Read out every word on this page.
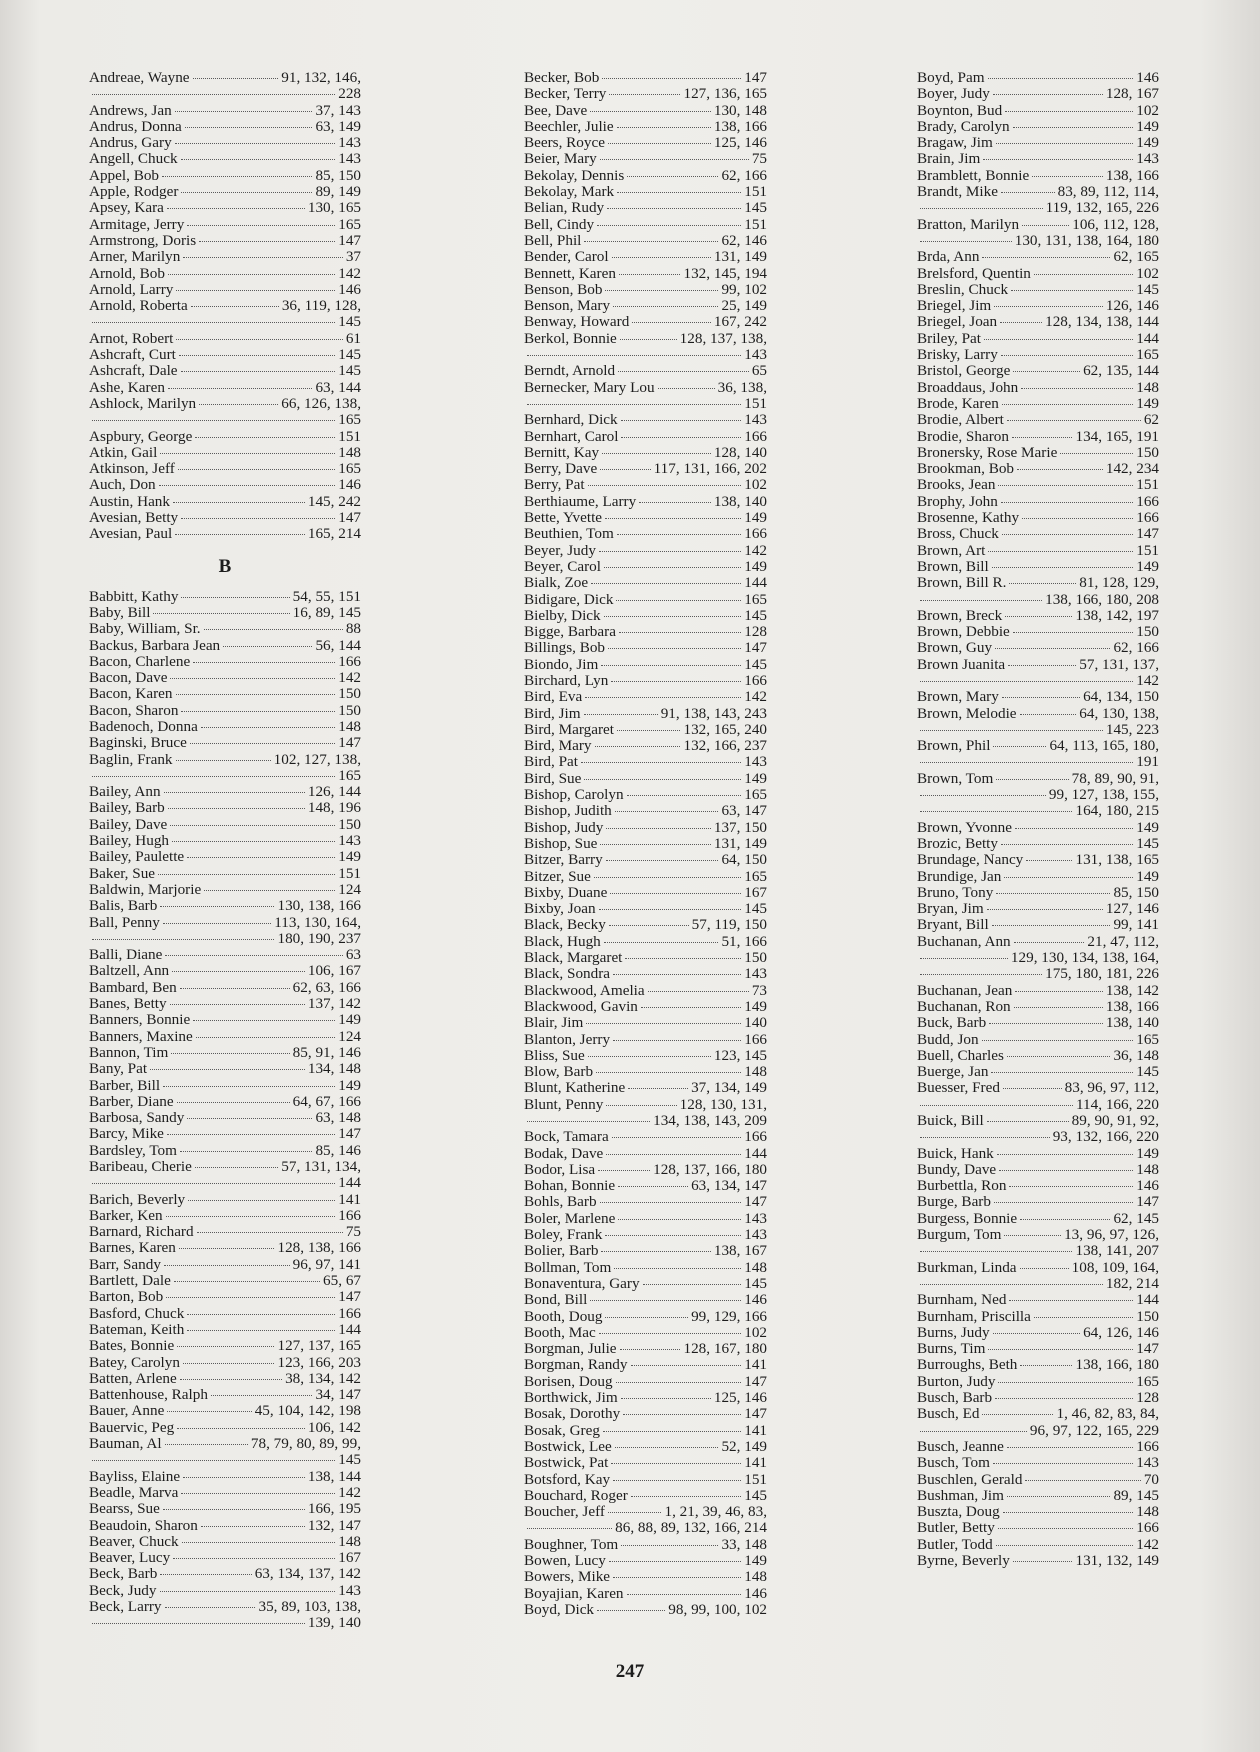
Andreae, Wayne	91, 132, 146,
228
Andrews, Jan	37, 143
Andrus, Donna	63, 149
Andrus, Gary	143
Angell, Chuck	143
Appel, Bob	85, 150
Apple, Rodger	89, 149
Apsey, Kara	130, 165
Armitage, Jerry	165
Armstrong, Doris	147
Arner, Marilyn	37
Arnold, Bob	142
Arnold, Larry	146
Arnold, Roberta	36, 119, 128,
145
Arnot, Robert	61
Ashcraft, Curt	145
Ashcraft, Dale	145
Ashe, Karen	63, 144
Ashlock, Marilyn	66, 126, 138,
165
Aspbury, George	151
Atkin, Gail	148
Atkinson, Jeff	165
Auch, Don	146
Austin, Hank	145, 242
Avesian, Betty	147
Avesian, Paul	165, 214
B
Babbitt, Kathy	54, 55, 151
Baby, Bill	16, 89, 145
Baby, William, Sr.	88
Backus, Barbara Jean	56, 144
Bacon, Charlene	166
Bacon, Dave	142
Bacon, Karen	150
Bacon, Sharon	150
Badenoch, Donna	148
Baginski, Bruce	147
Baglin, Frank	102, 127, 138,
165
Bailey, Ann	126, 144
Bailey, Barb	148, 196
Bailey, Dave	150
Bailey, Hugh	143
Bailey, Paulette	149
Baker, Sue	151
Baldwin, Marjorie	124
Balis, Barb	130, 138, 166
Ball, Penny	113, 130, 164,
180, 190, 237
Balli, Diane	63
Baltzell, Ann	106, 167
Bambard, Ben	62, 63, 166
Banes, Betty	137, 142
Banners, Bonnie	149
Banners, Maxine	124
Bannon, Tim	85, 91, 146
Bany, Pat	134, 148
Barber, Bill	149
Barber, Diane	64, 67, 166
Barbosa, Sandy	63, 148
Barcy, Mike	147
Bardsley, Tom	85, 146
Baribeau, Cherie	57, 131, 134,
144
Barich, Beverly	141
Barker, Ken	166
Barnard, Richard	75
Barnes, Karen	128, 138, 166
Barr, Sandy	96, 97, 141
Bartlett, Dale	65, 67
Barton, Bob	147
Basford, Chuck	166
Bateman, Keith	144
Bates, Bonnie	127, 137, 165
Batey, Carolyn	123, 166, 203
Batten, Arlene	38, 134, 142
Battenhouse, Ralph	34, 147
Bauer, Anne	45, 104, 142, 198
Bauervic, Peg	106, 142
Bauman, Al	78, 79, 80, 89, 99,
145
Bayliss, Elaine	138, 144
Beadle, Marva	142
Bearss, Sue	166, 195
Beaudoin, Sharon	132, 147
Beaver, Chuck	148
Beaver, Lucy	167
Beck, Barb	63, 134, 137, 142
Beck, Judy	143
Beck, Larry	35, 89, 103, 138,
139, 140
Becker, Bob	147
Becker, Terry	127, 136, 165
Bee, Dave	130, 148
Beechler, Julie	138, 166
Beers, Royce	125, 146
Beier, Mary	75
Bekolay, Dennis	62, 166
Bekolay, Mark	151
Belian, Rudy	145
Bell, Cindy	151
Bell, Phil	62, 146
Bender, Carol	131, 149
Bennett, Karen	132, 145, 194
Benson, Bob	99, 102
Benson, Mary	25, 149
Benway, Howard	167, 242
Berkol, Bonnie	128, 137, 138,
143
Berndt, Arnold	65
Bernecker, Mary Lou	36, 138,
151
Bernhard, Dick	143
Bernhart, Carol	166
Bernitt, Kay	128, 140
Berry, Dave	117, 131, 166, 202
Berry, Pat	102
Berthiaume, Larry	138, 140
Bette, Yvette	149
Beuthien, Tom	166
Beyer, Judy	142
Beyer, Carol	149
Bialk, Zoe	144
Bidigare, Dick	165
Bielby, Dick	145
Bigge, Barbara	128
Billings, Bob	147
Biondo, Jim	145
Birchard, Lyn	166
Bird, Eva	142
Bird, Jim	91, 138, 143, 243
Bird, Margaret	132, 165, 240
Bird, Mary	132, 166, 237
Bird, Pat	143
Bird, Sue	149
Bishop, Carolyn	165
Bishop, Judith	63, 147
Bishop, Judy	137, 150
Bishop, Sue	131, 149
Bitzer, Barry	64, 150
Bitzer, Sue	165
Bixby, Duane	167
Bixby, Joan	145
Black, Becky	57, 119, 150
Black, Hugh	51, 166
Black, Margaret	150
Black, Sondra	143
Blackwood, Amelia	73
Blackwood, Gavin	149
Blair, Jim	140
Blanton, Jerry	166
Bliss, Sue	123, 145
Blow, Barb	148
Blunt, Katherine	37, 134, 149
Blunt, Penny	128, 130, 131,
134, 138, 143, 209
Bock, Tamara	166
Bodak, Dave	144
Bodor, Lisa	128, 137, 166, 180
Bohan, Bonnie	63, 134, 147
Bohls, Barb	147
Boler, Marlene	143
Boley, Frank	143
Bolier, Barb	138, 167
Bollman, Tom	148
Bonaventura, Gary	145
Bond, Bill	146
Booth, Doug	99, 129, 166
Booth, Mac	102
Borgman, Julie	128, 167, 180
Borgman, Randy	141
Borisen, Doug	147
Borthwick, Jim	125, 146
Bosak, Dorothy	147
Bosak, Greg	141
Bostwick, Lee	52, 149
Bostwick, Pat	141
Botsford, Kay	151
Bouchard, Roger	145
Boucher, Jeff	1, 21, 39, 46, 83,
86, 88, 89, 132, 166, 214
Boughner, Tom	33, 148
Bowen, Lucy	149
Bowers, Mike	148
Boyajian, Karen	146
Boyd, Dick	98, 99, 100, 102
Boyd, Pam	146
Boyer, Judy	128, 167
Boynton, Bud	102
Brady, Carolyn	149
Bragaw, Jim	149
Brain, Jim	143
Bramblett, Bonnie	138, 166
Brandt, Mike	83, 89, 112, 114,
119, 132, 165, 226
Bratton, Marilyn	106, 112, 128,
130, 131, 138, 164, 180
Brda, Ann	62, 165
Brelsford, Quentin	102
Breslin, Chuck	145
Briegel, Jim	126, 146
Briegel, Joan	128, 134, 138, 144
Briley, Pat	144
Brisky, Larry	165
Bristol, George	62, 135, 144
Broaddaus, John	148
Brode, Karen	149
Brodie, Albert	62
Brodie, Sharon	134, 165, 191
Bronersky, Rose Marie	150
Brookman, Bob	142, 234
Brooks, Jean	151
Brophy, John	166
Brosenne, Kathy	166
Bross, Chuck	147
Brown, Art	151
Brown, Bill	149
Brown, Bill R.	81, 128, 129,
138, 166, 180, 208
Brown, Breck	138, 142, 197
Brown, Debbie	150
Brown, Guy	62, 166
Brown Juanita	57, 131, 137,
142
Brown, Mary	64, 134, 150
Brown, Melodie	64, 130, 138,
145, 223
Brown, Phil	64, 113, 165, 180,
191
Brown, Tom	78, 89, 90, 91,
99, 127, 138, 155,
164, 180, 215
Brown, Yvonne	149
Brozic, Betty	145
Brundage, Nancy	131, 138, 165
Brundige, Jan	149
Bruno, Tony	85, 150
Bryan, Jim	127, 146
Bryant, Bill	99, 141
Buchanan, Ann	21, 47, 112,
129, 130, 134, 138, 164,
175, 180, 181, 226
Buchanan, Jean	138, 142
Buchanan, Ron	138, 166
Buck, Barb	138, 140
Budd, Jon	165
Buell, Charles	36, 148
Buerge, Jan	145
Buesser, Fred	83, 96, 97, 112,
114, 166, 220
Buick, Bill	89, 90, 91, 92,
93, 132, 166, 220
Buick, Hank	149
Bundy, Dave	148
Burbettla, Ron	146
Burge, Barb	147
Burgess, Bonnie	62, 145
Burgum, Tom	13, 96, 97, 126,
138, 141, 207
Burkman, Linda	108, 109, 164,
182, 214
Burnham, Ned	144
Burnham, Priscilla	150
Burns, Judy	64, 126, 146
Burns, Tim	147
Burroughs, Beth	138, 166, 180
Burton, Judy	165
Busch, Barb	128
Busch, Ed	1, 46, 82, 83, 84,
96, 97, 122, 165, 229
Busch, Jeanne	166
Busch, Tom	143
Buschlen, Gerald	70
Bushman, Jim	89, 145
Buszta, Doug	148
Butler, Betty	166
Butler, Todd	142
Byrne, Beverly	131, 132, 149
247
